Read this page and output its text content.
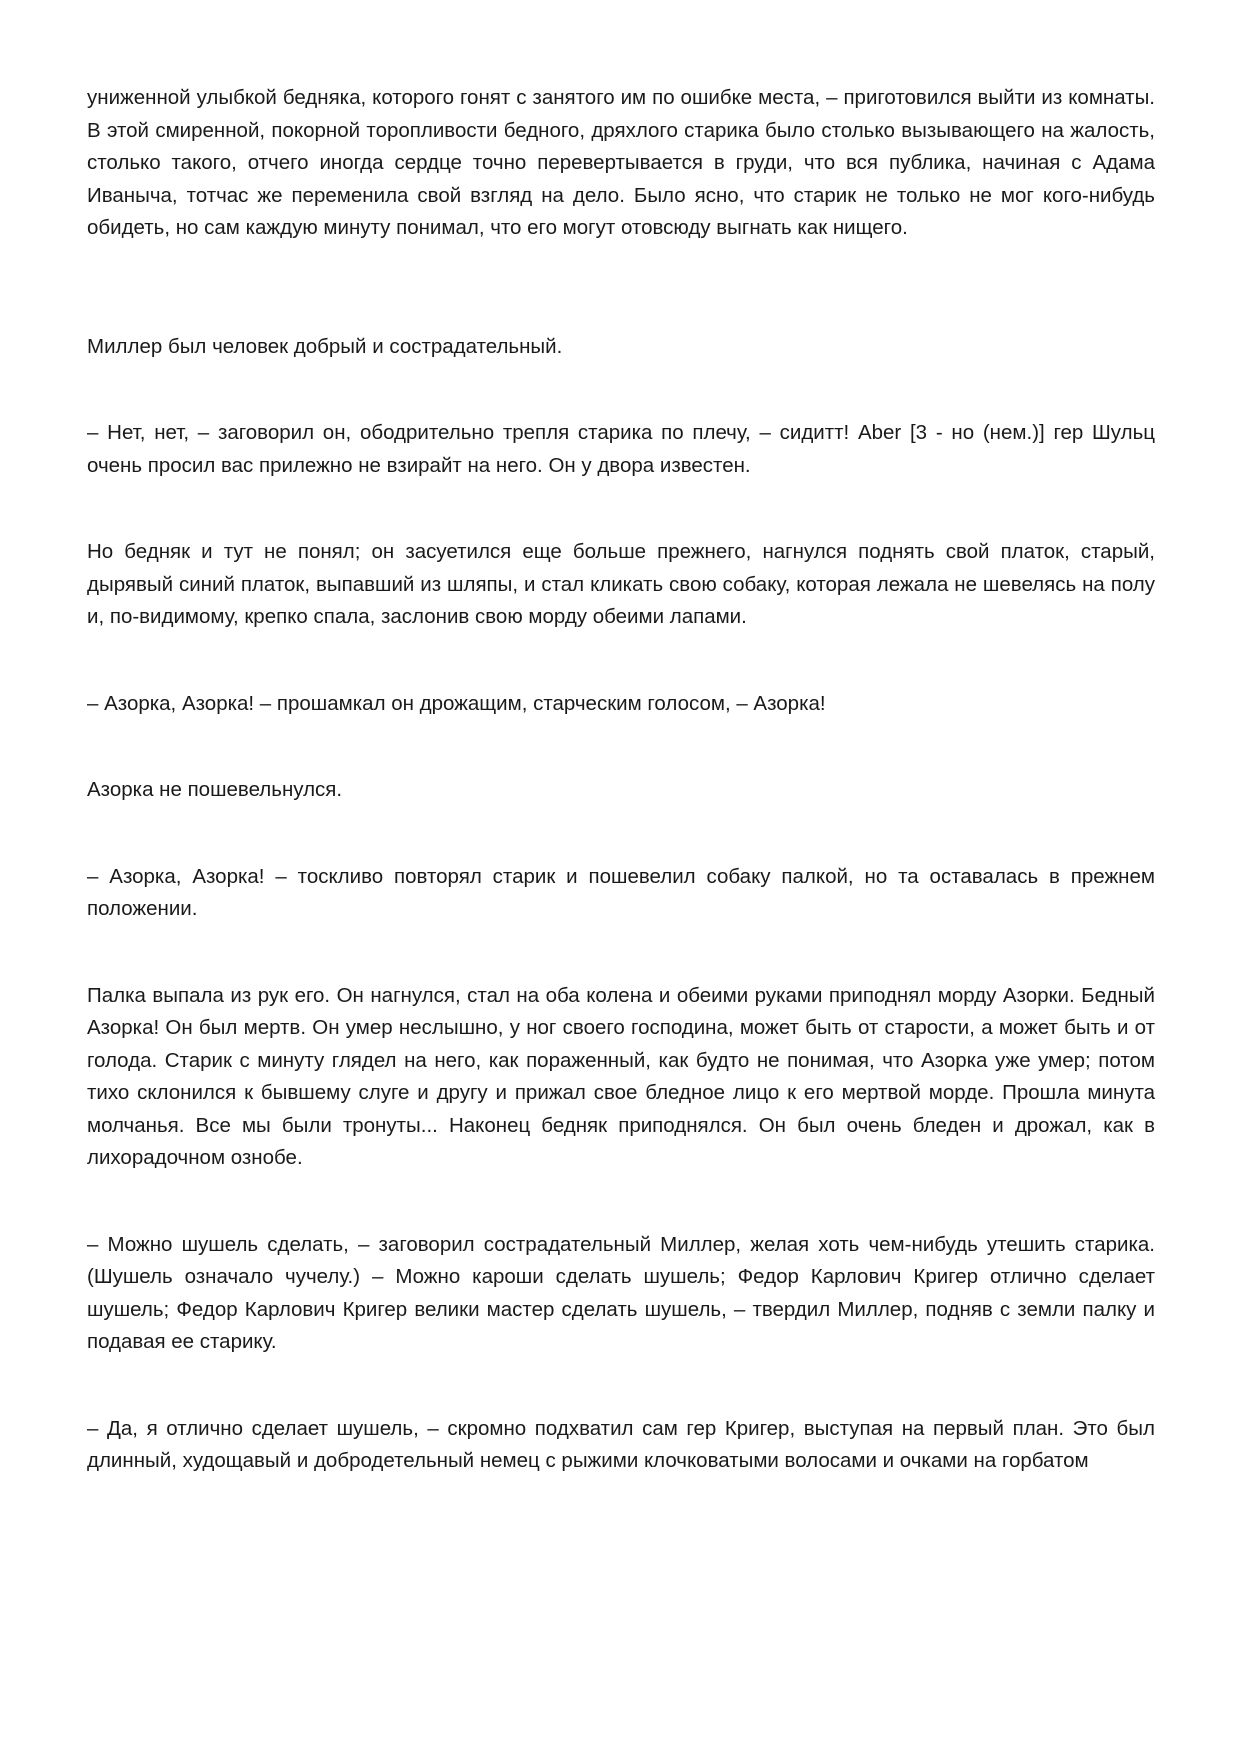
униженной улыбкой бедняка, которого гонят с занятого им по ошибке места, – приготовился выйти из комнаты. В этой смиренной, покорной торопливости бедного, дряхлого старика было столько вызывающего на жалость, столько такого, отчего иногда сердце точно перевертывается в груди, что вся публика, начиная с Адама Иваныча, тотчас же переменила свой взгляд на дело. Было ясно, что старик не только не мог кого-нибудь обидеть, но сам каждую минуту понимал, что его могут отовсюду выгнать как нищего.

Миллер был человек добрый и сострадательный.

– Нет, нет, – заговорил он, ободрительно трепля старика по плечу, – сидитт! Aber [3 - но (нем.)] гер Шульц очень просил вас прилежно не взирайт на него. Он у двора известен.

Но бедняк и тут не понял; он засуетился еще больше прежнего, нагнулся поднять свой платок, старый, дырявый синий платок, выпавший из шляпы, и стал кликать свою собаку, которая лежала не шевелясь на полу и, по-видимому, крепко спала, заслонив свою морду обеими лапами.

– Азорка, Азорка! – прошамкал он дрожащим, старческим голосом, – Азорка!

Азорка не пошевельнулся.

– Азорка, Азорка! – тоскливо повторял старик и пошевелил собаку палкой, но та оставалась в прежнем положении.

Палка выпала из рук его. Он нагнулся, стал на оба колена и обеими руками приподнял морду Азорки. Бедный Азорка! Он был мертв. Он умер неслышно, у ног своего господина, может быть от старости, а может быть и от голода. Старик с минуту глядел на него, как пораженный, как будто не понимая, что Азорка уже умер; потом тихо склонился к бывшему слуге и другу и прижал свое бледное лицо к его мертвой морде. Прошла минута молчанья. Все мы были тронуты... Наконец бедняк приподнялся. Он был очень бледен и дрожал, как в лихорадочном ознобе.

– Можно шушель сделать, – заговорил сострадательный Миллер, желая хоть чем-нибудь утешить старика. (Шушель означало чучелу.) – Можно кароши сделать шушель; Федор Карлович Кригер отлично сделает шушель; Федор Карлович Кригер велики мастер сделать шушель, – твердил Миллер, подняв с земли палку и подавая ее старику.

– Да, я отлично сделает шушель, – скромно подхватил сам гер Кригер, выступая на первый план. Это был длинный, худощавый и добродетельный немец с рыжими клочковатыми волосами и очками на горбатом
